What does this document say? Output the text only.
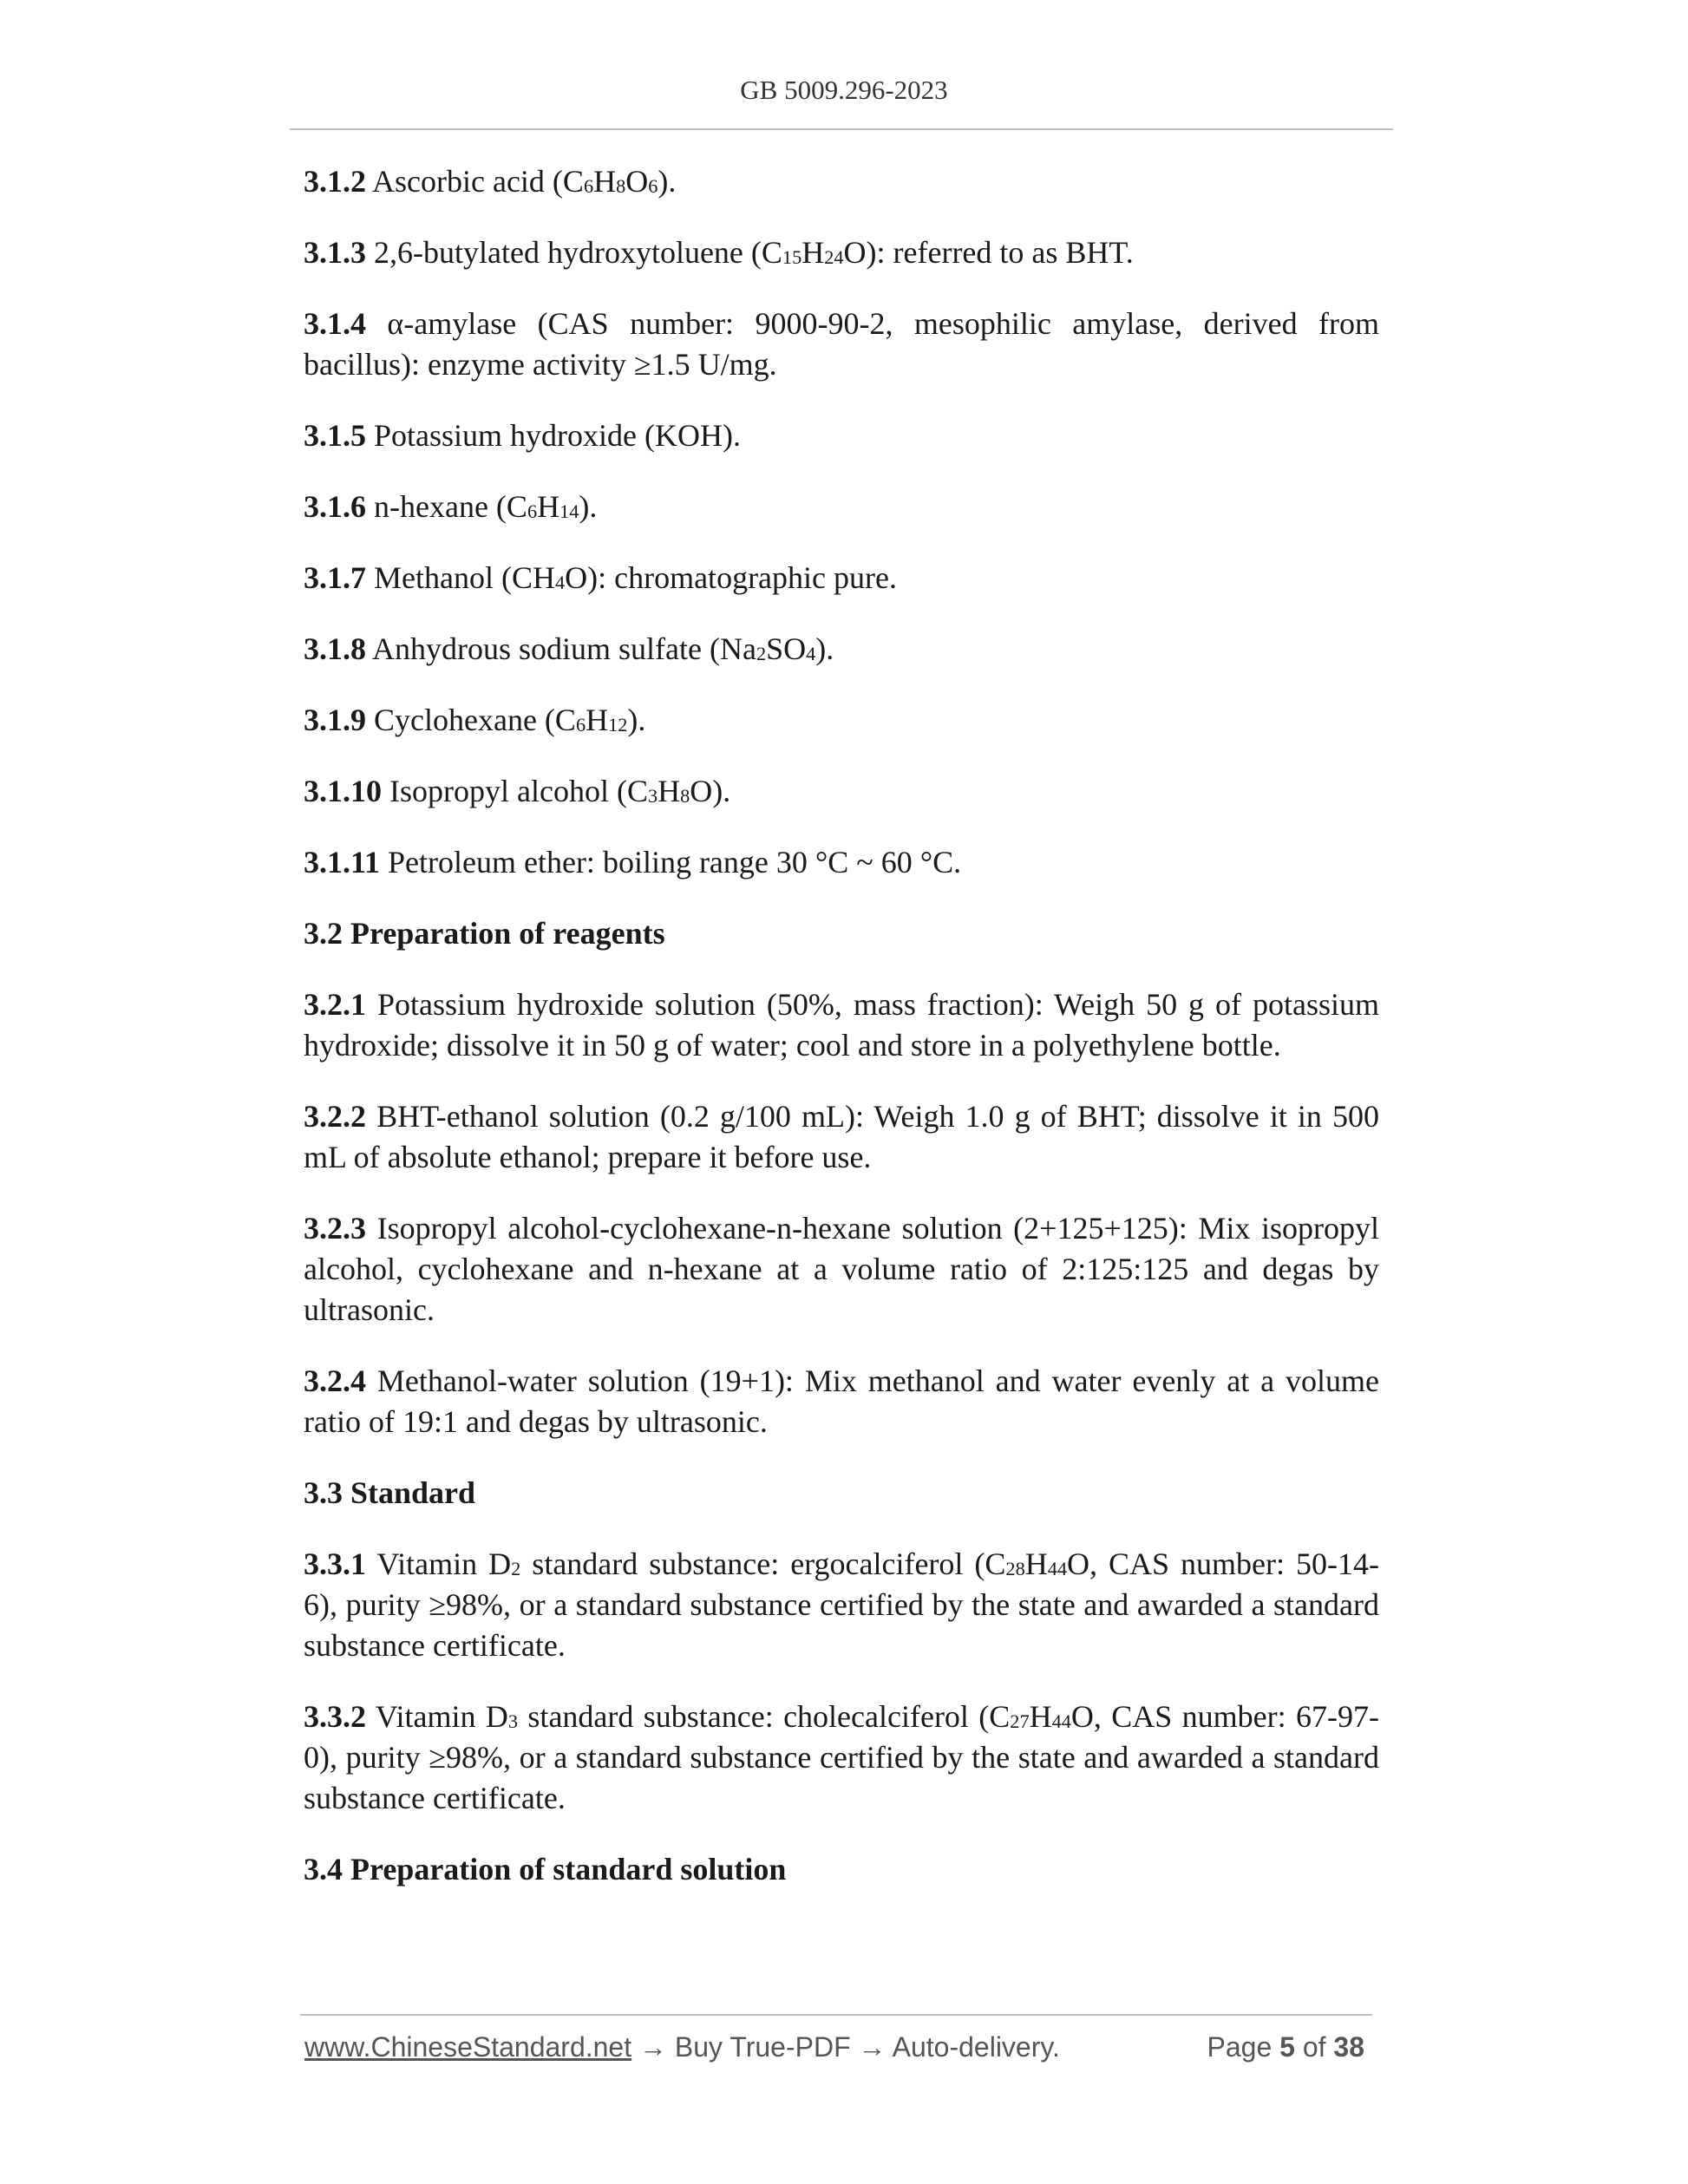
GB 5009.296-2023

3.1.2 Ascorbic acid $(C_6H_8O_6)$.

3.1.3 2,6-butylated hydroxytoluene $(C_{15}H_{24}O)$: referred to as BHT.

3.1.4 α-amylase (CAS number: 9000-90-2, mesophilic amylase, derived from bacillus): enzyme activity ≥1.5 U/mg.

3.1.5 Potassium hydroxide (KOH).

3.1.6 n-hexane $(C_6H_{14})$.

3.1.7 Methanol $(CH_4O)$: chromatographic pure.

3.1.8 Anhydrous sodium sulfate $(Na_2SO_4)$.

3.1.9 Cyclohexane $(C_6H_{12})$.

3.1.10 Isopropyl alcohol $(C_3H_8O)$.

3.1.11 Petroleum ether: boiling range 30 °C ~ 60 °C.

3.2 Preparation of reagents

3.2.1 Potassium hydroxide solution (50%, mass fraction): Weigh 50 g of potassium hydroxide; dissolve it in 50 g of water; cool and store in a polyethylene bottle.

3.2.2 BHT-ethanol solution (0.2 g/100 mL): Weigh 1.0 g of BHT; dissolve it in 500 mL of absolute ethanol; prepare it before use.

3.2.3 Isopropyl alcohol-cyclohexane-n-hexane solution (2+125+125): Mix isopropyl alcohol, cyclohexane and n-hexane at a volume ratio of 2:125:125 and degas by ultrasonic.

3.2.4 Methanol-water solution (19+1): Mix methanol and water evenly at a volume ratio of 19:1 and degas by ultrasonic.

3.3 Standard

3.3.1 Vitamin $D_2$ standard substance: ergocalciferol ($C_{28}H_{44}O$, CAS number: 50-14-6), purity ≥98%, or a standard substance certified by the state and awarded a standard substance certificate.

3.3.2 Vitamin $D_3$ standard substance: cholecalciferol ($C_{27}H_{44}O$, CAS number: 67-97-0), purity ≥98%, or a standard substance certified by the state and awarded a standard substance certificate.

3.4 Preparation of standard solution

www.ChineseStandard.net → Buy True-PDF → Auto-delivery.	Page 5 of 38
